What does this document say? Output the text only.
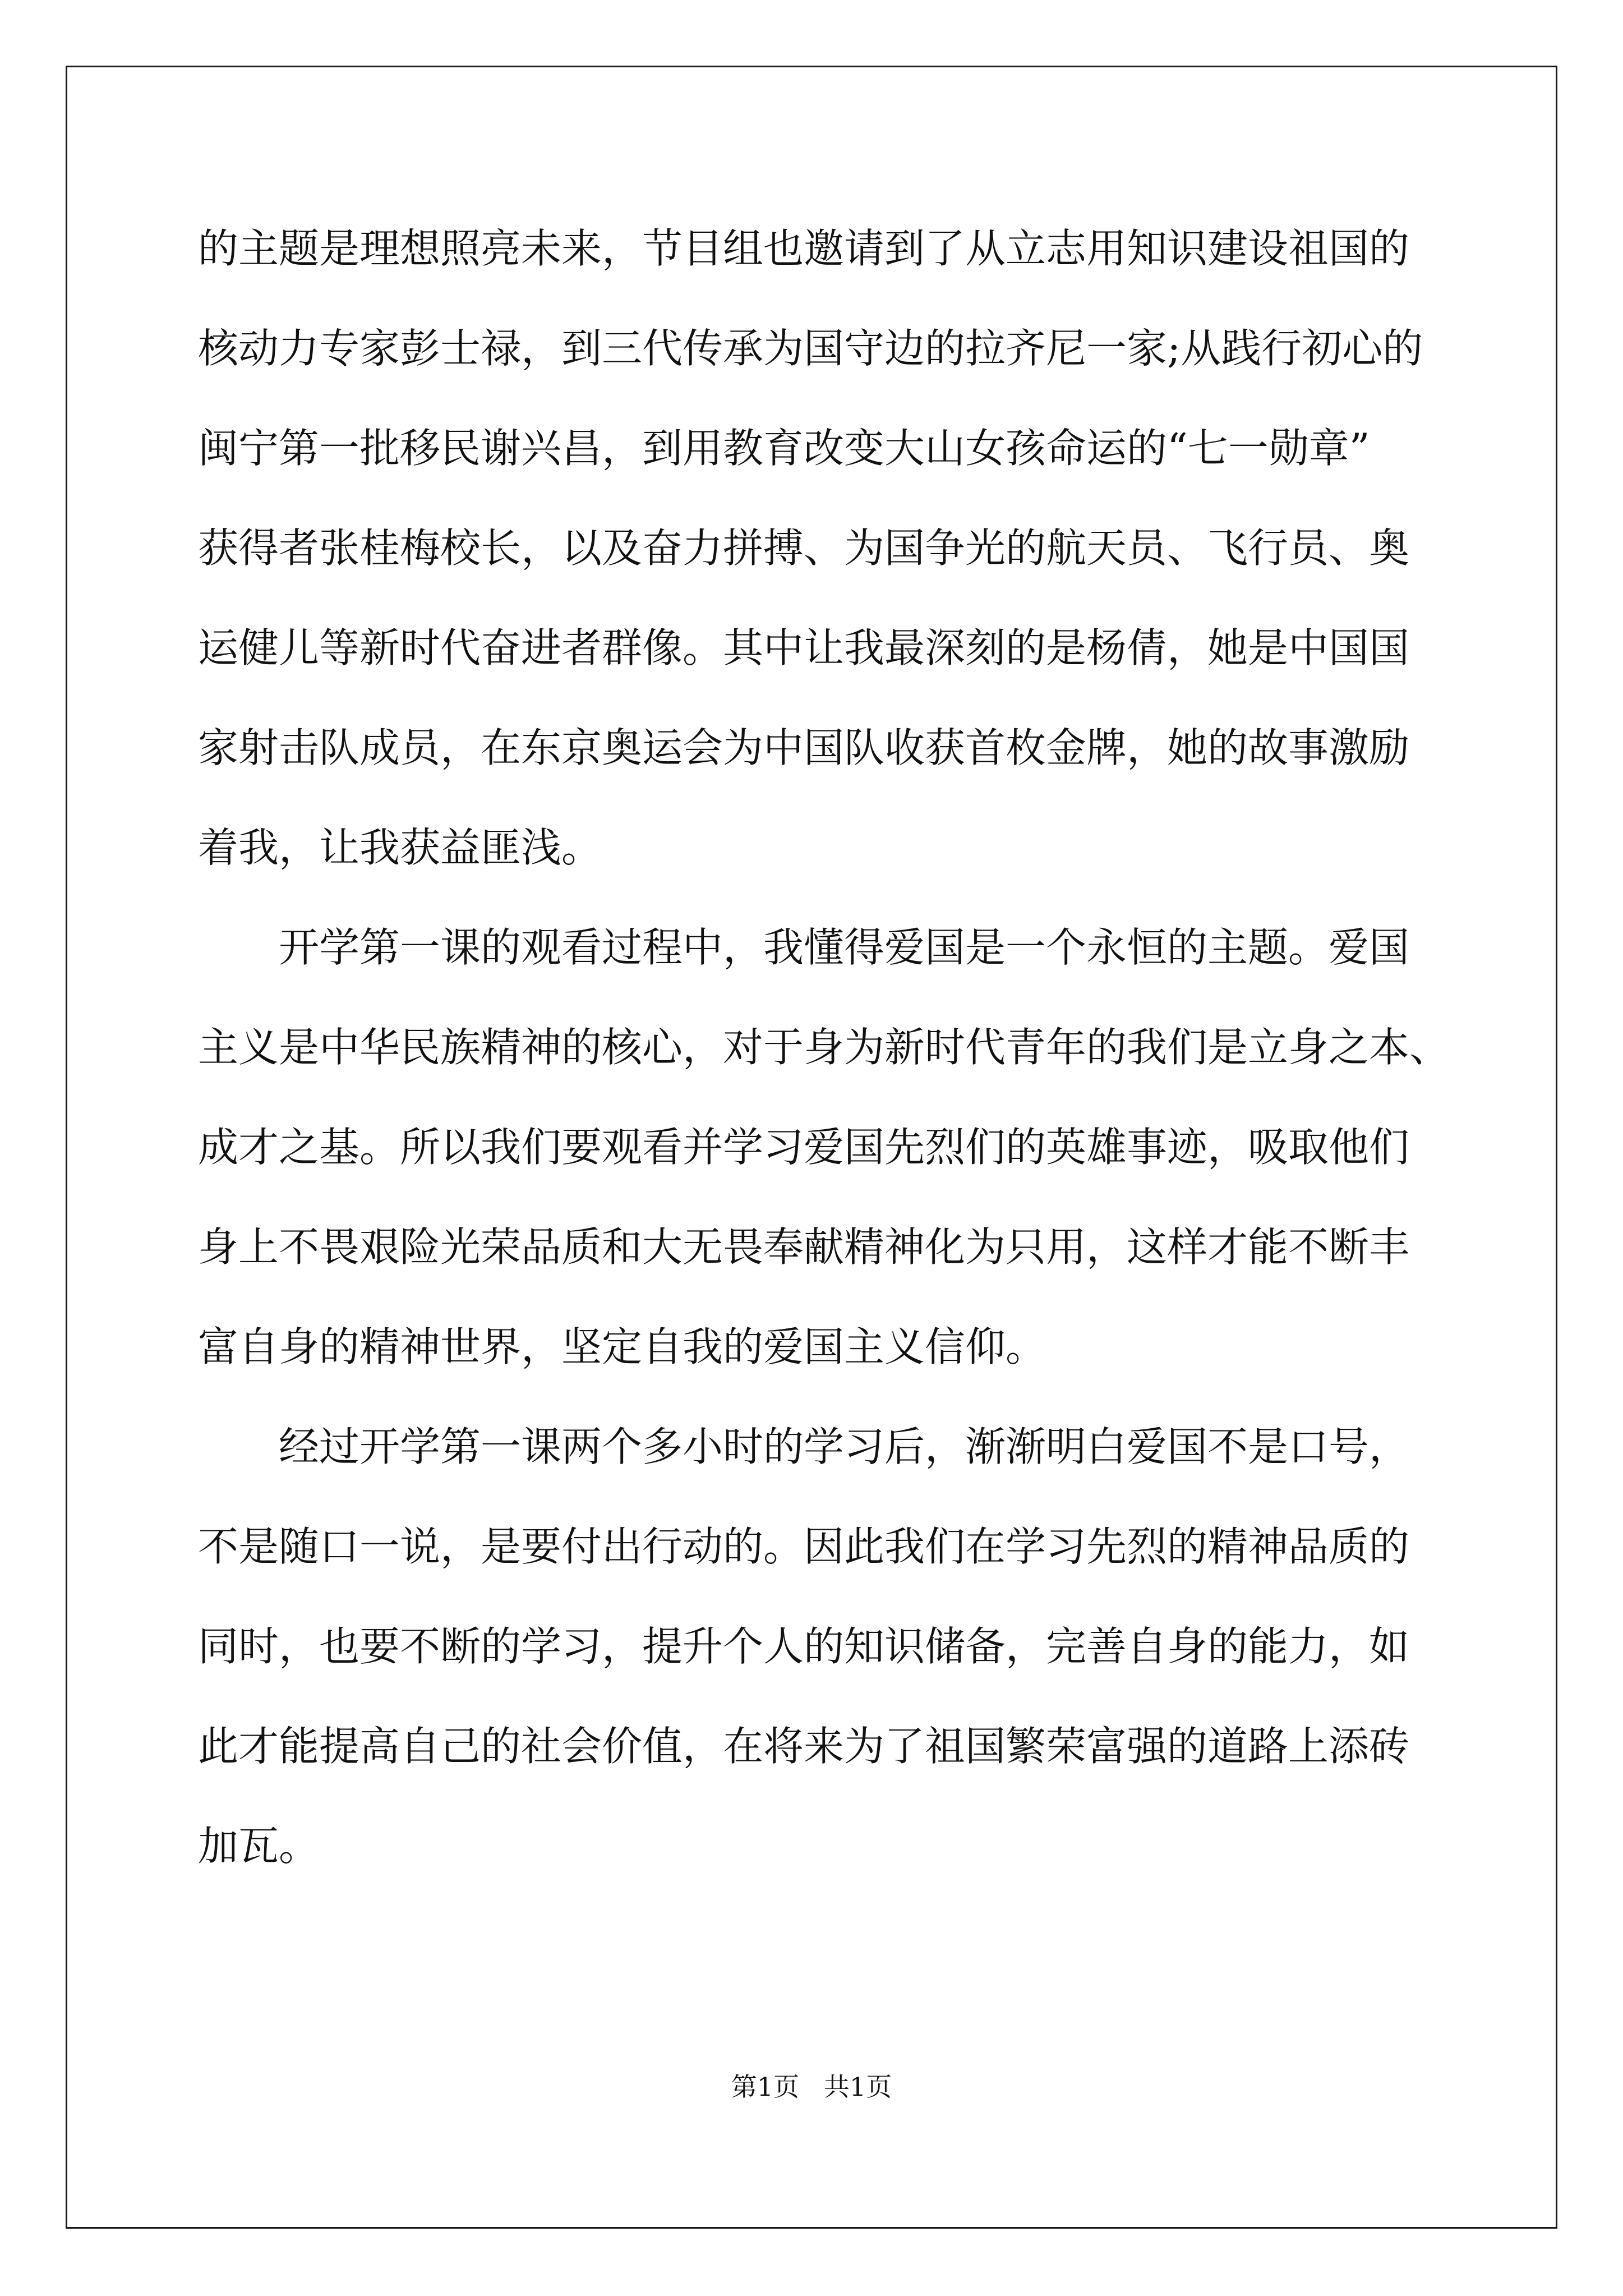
的主题是理想照亮未来，节目组也邀请到了从立志用知识建设祖国的
核动力专家彭士禄，到三代传承为国守边的拉齐尼一家;从践行初心的
闽宁第一批移民谢兴昌，到用教育改变大山女孩命运的“七一勋章”
获得者张桂梅校长，以及奋力拼搏、为国争光的航天员、飞行员、奥
运健儿等新时代奋进者群像。其中让我最深刻的是杨倩，她是中国国
家射击队成员，在东京奥运会为中国队收获首枚金牌，她的故事激励
着我，让我获益匪浅。
　　开学第一课的观看过程中，我懂得爱国是一个永恒的主题。爱国
主义是中华民族精神的核心，对于身为新时代青年的我们是立身之本、
成才之基。所以我们要观看并学习爱国先烈们的英雄事迹，吸取他们
身上不畏艰险光荣品质和大无畏奉献精神化为只用，这样才能不断丰
富自身的精神世界，坚定自我的爱国主义信仰。
　　经过开学第一课两个多小时的学习后，渐渐明白爱国不是口号，
不是随口一说，是要付出行动的。因此我们在学习先烈的精神品质的
同时，也要不断的学习，提升个人的知识储备，完善自身的能力，如
此才能提高自己的社会价值，在将来为了祖国繁荣富强的道路上添砖
加瓦。
第1页   共1页
